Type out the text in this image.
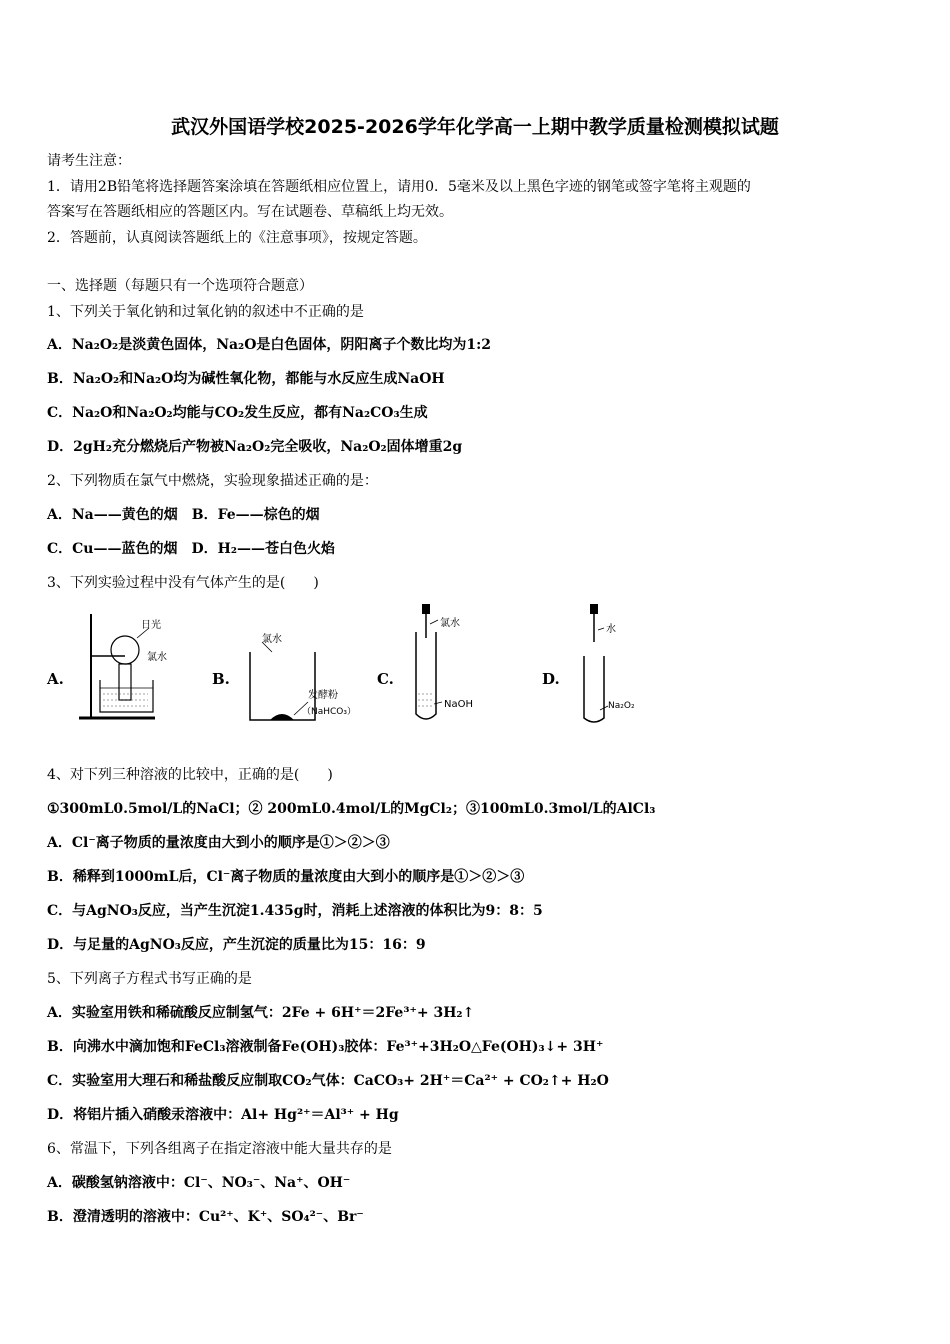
武汉外国语学校2025-2026学年化学高一上期中教学质量检测模拟试题
请考生注意：
1．请用2B铅笔将选择题答案涂填在答题纸相应位置上，请用0．5毫米及以上黑色字迹的钢笔或签字笔将主观题的
答案写在答题纸相应的答题区内。写在试题卷、草稿纸上均无效。
2．答题前，认真阅读答题纸上的《注意事项》，按规定答题。
一、选择题（每题只有一个选项符合题意）
1、下列关于氧化钠和过氧化钠的叙述中不正确的是
A．Na₂O₂是淡黄色固体，Na₂O是白色固体，阴阳离子个数比均为1:2
B．Na₂O₂和Na₂O均为碱性氧化物，都能与水反应生成NaOH
C．Na₂O和Na₂O₂均能与CO₂发生反应，都有Na₂CO₃生成
D．2gH₂充分燃烧后产物被Na₂O₂完全吸收，Na₂O₂固体增重2g
2、下列物质在氯气中燃烧，实验现象描述正确的是：
A．Na——黄色的烟　B．Fe——棕色的烟
C．Cu——蓝色的烟　D．H₂——苍白色火焰
3、下列实验过程中没有气体产生的是(　　)
A.	B.	C.	D.
日光
氯水
氯水
发酵粉
（NaHCO₃）
氯水
NaOH
水
Na₂O₂
4、对下列三种溶液的比较中，正确的是(　　)
①300mL0.5mol/L的NaCl；② 200mL0.4mol/L的MgCl₂；③100mL0.3mol/L的AlCl₃
A．Cl⁻离子物质的量浓度由大到小的顺序是①＞②＞③
B．稀释到1000mL后，Cl⁻离子物质的量浓度由大到小的顺序是①＞②＞③
C．与AgNO₃反应，当产生沉淀1.435g时，消耗上述溶液的体积比为9：8：5
D．与足量的AgNO₃反应，产生沉淀的质量比为15：16：9
5、下列离子方程式书写正确的是
A．实验室用铁和稀硫酸反应制氢气：2Fe + 6H⁺＝2Fe³⁺+ 3H₂↑
B．向沸水中滴加饱和FeCl₃溶液制备Fe(OH)₃胶体：Fe³⁺+3H₂O△Fe(OH)₃↓+ 3H⁺
C．实验室用大理石和稀盐酸反应制取CO₂气体：CaCO₃+ 2H⁺＝Ca²⁺ + CO₂↑+ H₂O
D．将铝片插入硝酸汞溶液中：Al+ Hg²⁺＝Al³⁺ + Hg
6、常温下，下列各组离子在指定溶液中能大量共存的是
A．碳酸氢钠溶液中：Cl⁻、NO₃⁻、Na⁺、OH⁻
B．澄清透明的溶液中：Cu²⁺、K⁺、SO₄²⁻、Br⁻
